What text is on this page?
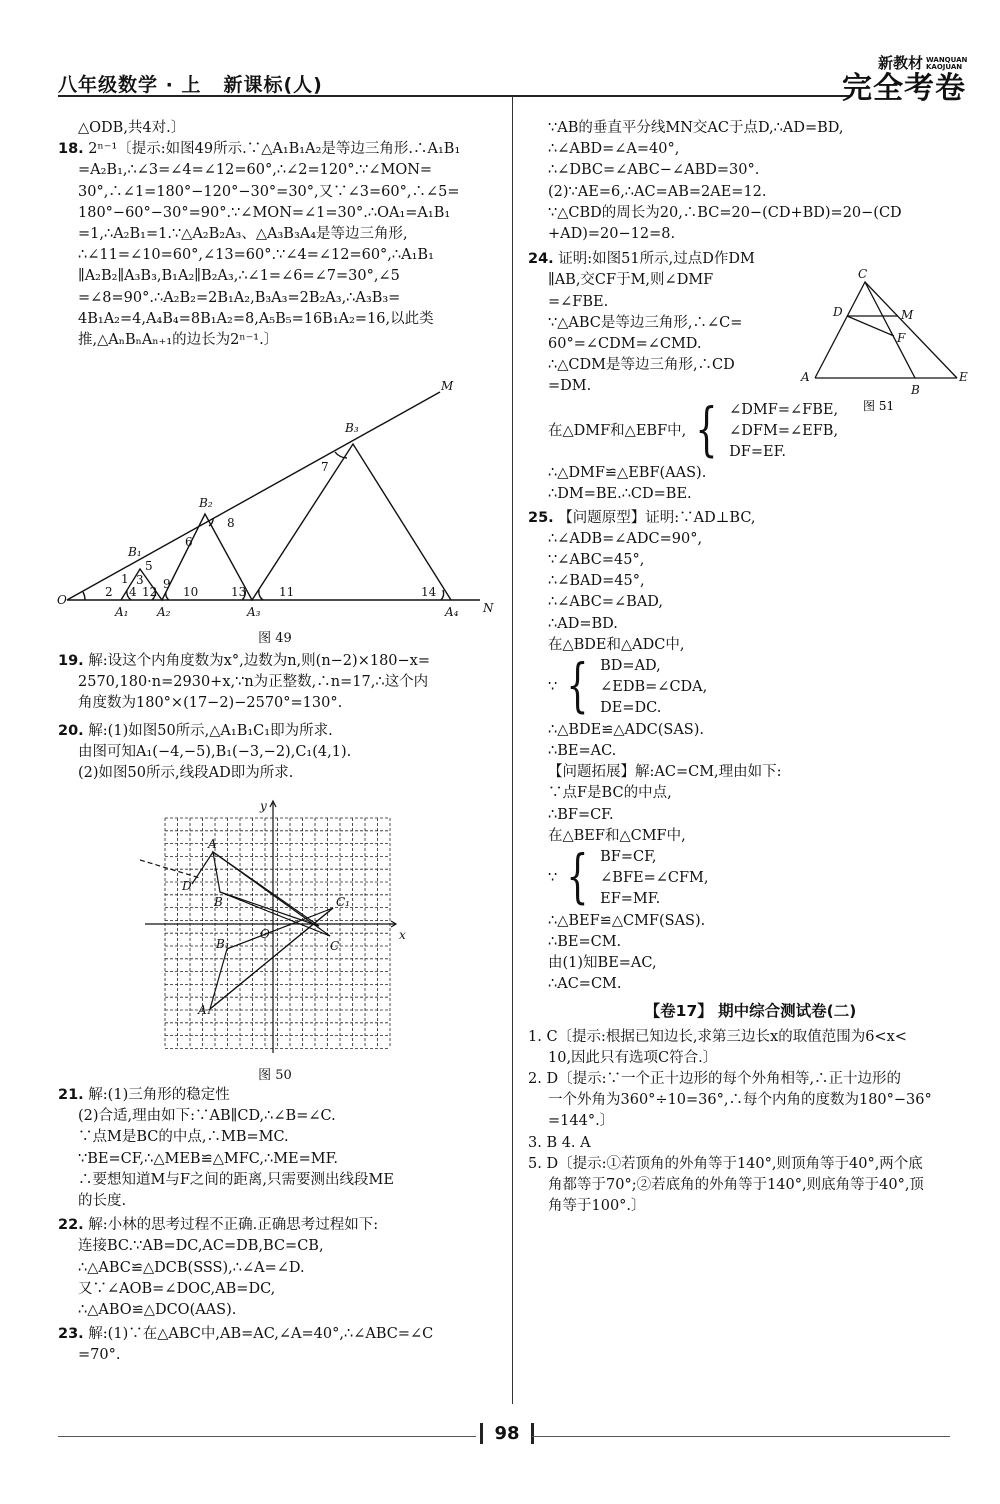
八年级数学 · 上 新课标(人)
新教材 WANQUAN KAOJUAN
完全考卷

△ODB,共4对.〕

18. 2ⁿ⁻¹〔提示:如图49所示.∵△A₁B₁A₂是等边三角形.∴A₁B₁

=A₂B₁,∴∠3=∠4=∠12=60°,∴∠2=120°.∵∠MON=

30°,∴∠1=180°−120°−30°=30°,又∵∠3=60°,∴∠5=

180°−60°−30°=90°.∵∠MON=∠1=30°.∴OA₁=A₁B₁

=1,∴A₂B₁=1.∵△A₂B₂A₃、△A₃B₃A₄是等边三角形,

∴∠11=∠10=60°,∠13=60°.∵∠4=∠12=60°,∴A₁B₁

∥A₂B₂∥A₃B₃,B₁A₂∥B₂A₃,∴∠1=∠6=∠7=30°,∠5

=∠8=90°.∴A₂B₂=2B₁A₂,B₃A₃=2B₂A₃,∴A₃B₃=

4B₁A₂=4,A₄B₄=8B₁A₂=8,A₅B₅=16B₁A₂=16,以此类

推,△AₙBₙAₙ₊₁的边长为2ⁿ⁻¹.〕

O
N
M
A₁ A₂	A₃	A₄
B₁
B₂
B₃
1
2
3
4
5
6
7
8
9
10	11
12	13	14
图 49

19. 解:设这个内角度数为x°,边数为n,则(n−2)×180−x=

2570,180·n=2930+x,∵n为正整数,∴n=17,∴这个内

角度数为180°×(17−2)−2570°=130°.

20. 解:(1)如图50所示,△A₁B₁C₁即为所求.

由图可知A₁(−4,−5),B₁(−3,−2),C₁(4,1).

(2)如图50所示,线段AD即为所求.

x
y
O
A
B
C
D
A₁
B₁
C₁
图 50

21. 解:(1)三角形的稳定性

(2)合适,理由如下:∵AB∥CD,∴∠B=∠C.

∵点M是BC的中点,∴MB=MC.

∵BE=CF,∴△MEB≌△MFC,∴ME=MF.

∴要想知道M与F之间的距离,只需要测出线段ME

的长度.

22. 解:小林的思考过程不正确.正确思考过程如下:

连接BC.∵AB=DC,AC=DB,BC=CB,

∴△ABC≌△DCB(SSS),∴∠A=∠D.

又∵∠AOB=∠DOC,AB=DC,

∴△ABO≌△DCO(AAS).

23. 解:(1)∵在△ABC中,AB=AC,∠A=40°,∴∠ABC=∠C

=70°.

∵AB的垂直平分线MN交AC于点D,∴AD=BD,

∴∠ABD=∠A=40°,

∴∠DBC=∠ABC−∠ABD=30°.

(2)∵AE=6,∴AC=AB=2AE=12.

∵△CBD的周长为20,∴BC=20−(CD+BD)=20−(CD

+AD)=20−12=8.

24. 证明:如图51所示,过点D作DM

∥AB,交CF于M,则∠DMF

=∠FBE.

∵△ABC是等边三角形,∴∠C=

60°=∠CDM=∠CMD.

∴△CDM是等边三角形,∴CD

=DM.

在△DMF和△EBF中, { ∠DMF=∠FBE,

∠DFM=∠EFB,

DF=EF.

∴△DMF≌△EBF(AAS).

∴DM=BE.∴CD=BE.

25. 【问题原型】证明:∵AD⊥BC,

∴∠ADB=∠ADC=90°,

∵∠ABC=45°,

∴∠BAD=45°,

∴∠ABC=∠BAD,

∴AD=BD.

在△BDE和△ADC中,

∵ { BD=AD,

∠EDB=∠CDA,

DE=DC.

∴△BDE≌△ADC(SAS).

∴BE=AC.

【问题拓展】解:AC=CM,理由如下:

∵点F是BC的中点,

∴BF=CF.

在△BEF和△CMF中,

∵ { BF=CF,

∠BFE=∠CFM,

EF=MF.

∴△BEF≌△CMF(SAS).

∴BE=CM.

由(1)知BE=AC,

∴AC=CM.

【卷17】 期中综合测试卷(二)

1. C〔提示:根据已知边长,求第三边长x的取值范围为6<x<

10,因此只有选项C符合.〕

2. D〔提示:∵一个正十边形的每个外角相等,∴正十边形的

一个外角为360°÷10=36°,∴每个内角的度数为180°−36°

=144°.〕

3. B 4. A

5. D〔提示:①若顶角的外角等于140°,则顶角等于40°,两个底

角都等于70°;②若底角的外角等于140°,则底角等于40°,顶

角等于100°.〕

A
B
C
D
E
F
M
图 51
98
